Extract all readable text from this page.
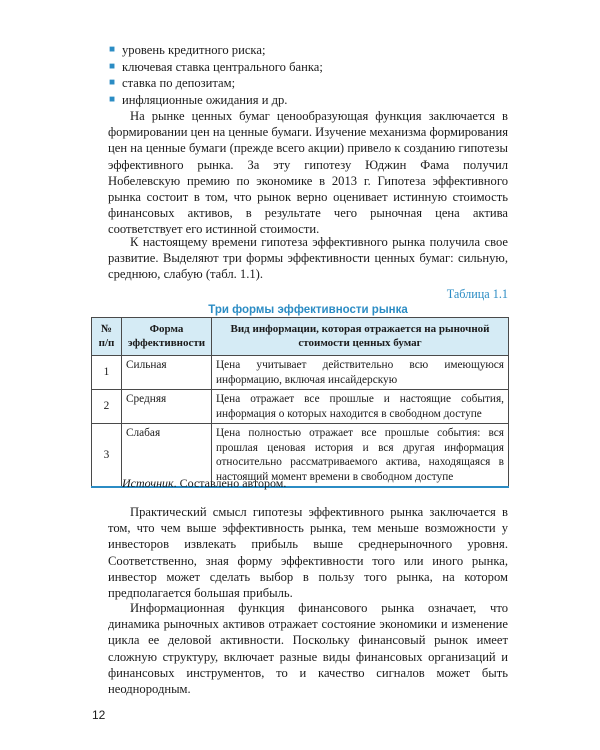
■ уровень кредитного риска;
■ ключевая ставка центрального банка;
■ ставка по депозитам;
■ инфляционные ожидания и др.

На рынке ценных бумаг ценообразующая функция заключается в формировании цен на ценные бумаги. Изучение механизма формирования цен на ценные бумаги (прежде всего акции) привело к созданию гипотезы эффективного рынка. За эту гипотезу Юджин Фама получил Нобелевскую премию по экономике в 2013 г. Гипотеза эффективного рынка состоит в том, что рынок верно оценивает истинную стоимость финансовых активов, в результате чего рыночная цена актива соответствует его истинной стоимости.

К настоящему времени гипотеза эффективного рынка получила свое развитие. Выделяют три формы эффективности ценных бумаг: сильную, среднюю, слабую (табл. 1.1).

Таблица 1.1
Три формы эффективности рынка
№ п/п	Форма эффективности	Вид информации, которая отражается на рыночной стоимости ценных бумаг
1	Сильная	Цена учитывает действительно всю имеющуюся информацию, включая инсайдерскую
2	Средняя	Цена отражает все прошлые и настоящие события, информация о которых находится в свободном доступе
3	Слабая	Цена полностью отражает все прошлые события: вся прошлая ценовая история и вся другая информация относительно рассматриваемого актива, находящаяся в настоящий момент времени в свободном доступе
Источник. Составлено автором.

Практический смысл гипотезы эффективного рынка заключается в том, что чем выше эффективность рынка, тем меньше возможности у инвесторов извлекать прибыль выше среднерыночного уровня. Соответственно, зная форму эффективности того или иного рынка, инвестор может сделать выбор в пользу того рынка, на котором предполагается большая прибыль.

Информационная функция финансового рынка означает, что динамика рыночных активов отражает состояние экономики и изменение цикла ее деловой активности. Поскольку финансовый рынок имеет сложную структуру, включает разные виды финансовых организаций и финансовых инструментов, то и качество сигналов может быть неоднородным.

12
